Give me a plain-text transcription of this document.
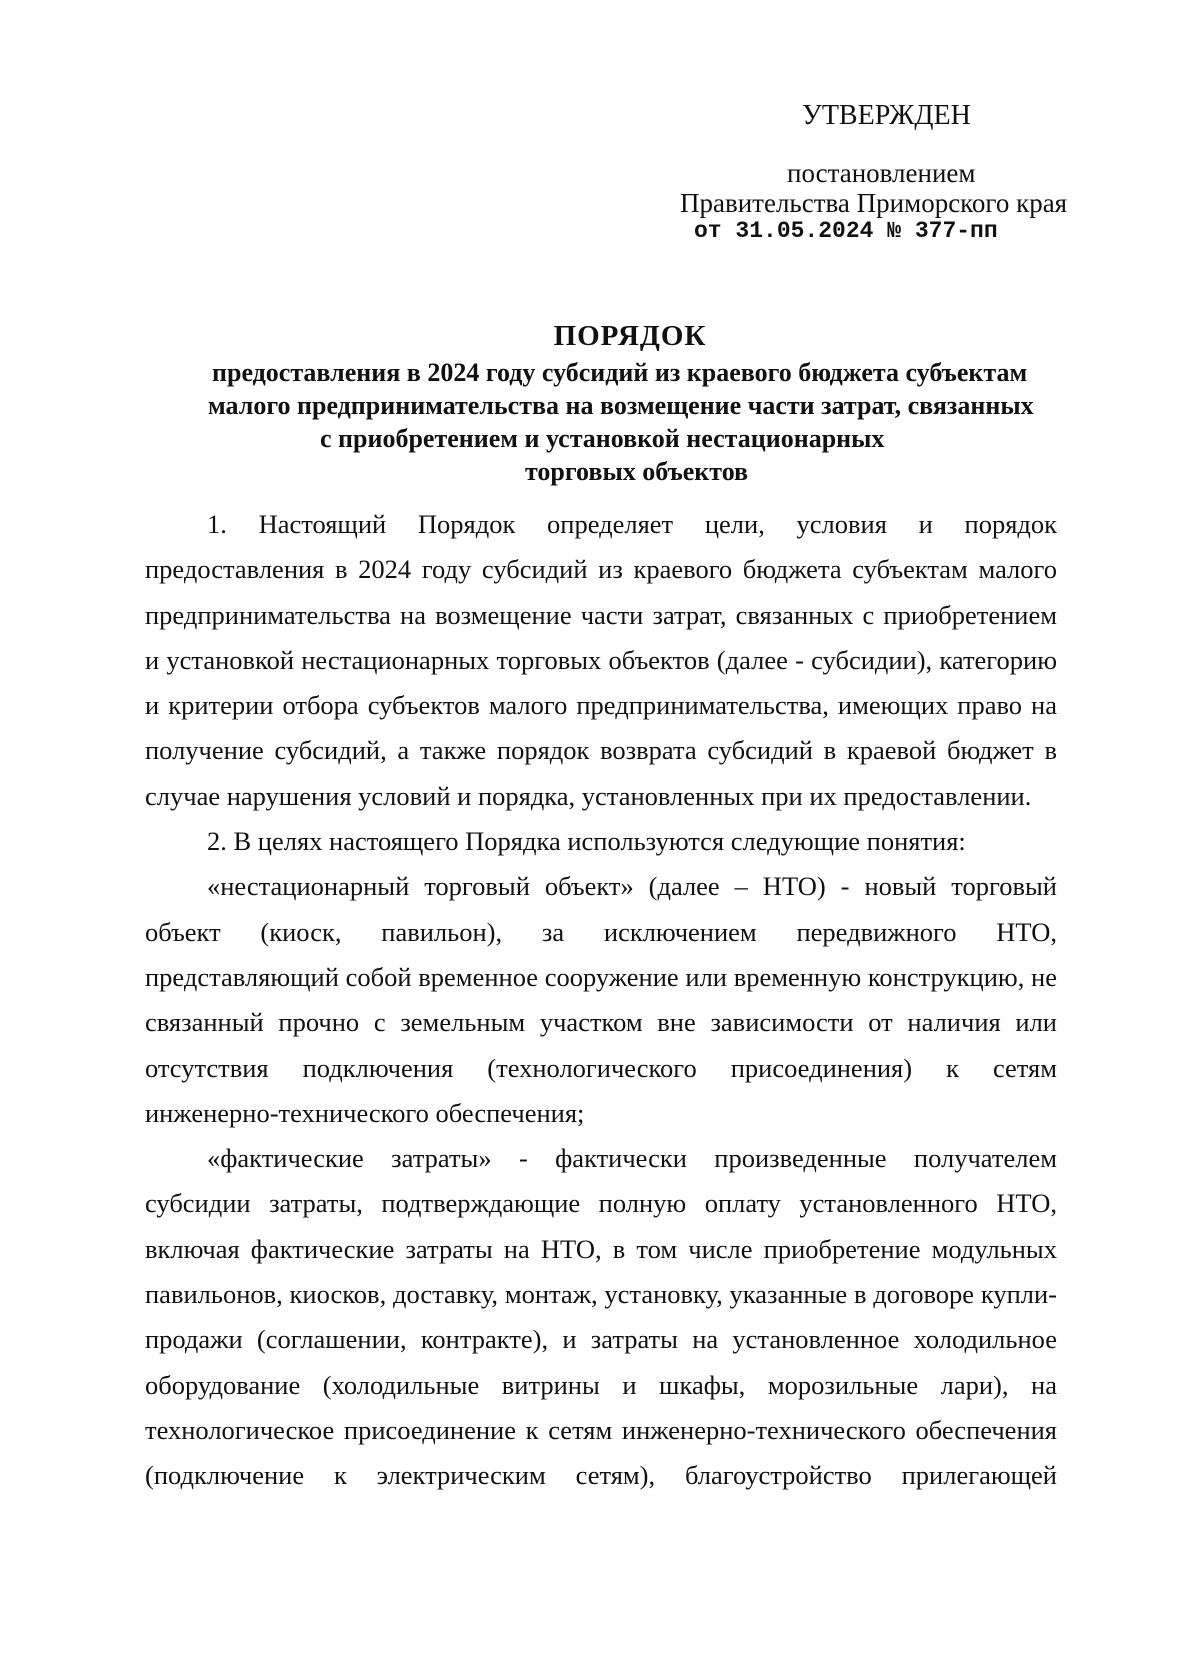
УТВЕРЖДЕН
постановлением
Правительства Приморского края
от 31.05.2024 № 377-пп
ПОРЯДОК
предоставления в 2024 году субсидий из краевого бюджета субъектам
малого предпринимательства на возмещение части затрат, связанных
с приобретением и установкой нестационарных
торговых объектов

1. Настоящий Порядок определяет цели, условия и порядок предоставления в 2024 году субсидий из краевого бюджета субъектам малого предпринимательства на возмещение части затрат, связанных с приобретением и установкой нестационарных торговых объектов (далее - субсидии), категорию и критерии отбора субъектов малого предпринимательства, имеющих право на получение субсидий, а также порядок возврата субсидий в краевой бюджет в случае нарушения условий и порядка, установленных при их предоставлении.

2. В целях настоящего Порядка используются следующие понятия:

«нестационарный торговый объект» (далее – НТО) - новый торговый объект (киоск, павильон), за исключением передвижного НТО, представляющий собой временное сооружение или временную конструкцию, не связанный прочно с земельным участком вне зависимости от наличия или отсутствия подключения (технологического присоединения) к сетям инженерно-технического обеспечения;

«фактические затраты» - фактически произведенные получателем субсидии затраты, подтверждающие полную оплату установленного НТО, включая фактические затраты на НТО, в том числе приобретение модульных павильонов, киосков, доставку, монтаж, установку, указанные в договоре купли-продажи (соглашении, контракте), и затраты на установленное холодильное оборудование (холодильные витрины и шкафы, морозильные лари), на технологическое присоединение к сетям инженерно-технического обеспечения (подключение к электрическим сетям), благоустройство прилегающей
